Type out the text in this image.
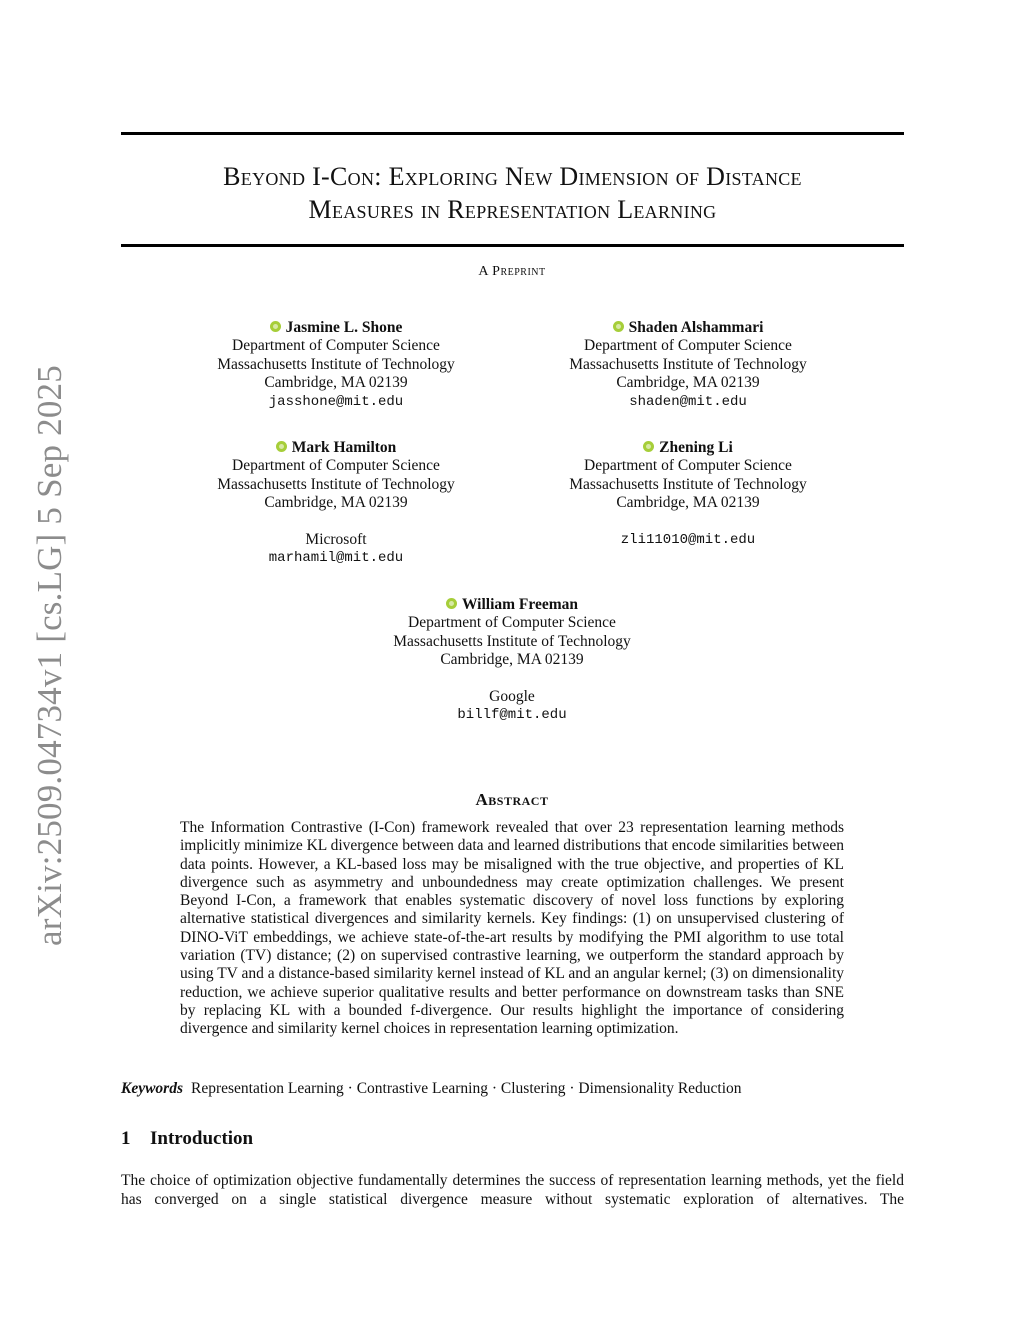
arXiv:2509.04734v1 [cs.LG] 5 Sep 2025
Beyond I-Con: Exploring New Dimension of Distance
Measures in Representation Learning
A Preprint
Jasmine L. Shone
Department of Computer Science
Massachusetts Institute of Technology
Cambridge, MA 02139
jasshone@mit.edu
Shaden Alshammari
Department of Computer Science
Massachusetts Institute of Technology
Cambridge, MA 02139
shaden@mit.edu
Mark Hamilton
Department of Computer Science
Massachusetts Institute of Technology
Cambridge, MA 02139
Microsoft
marhamil@mit.edu
Zhening Li
Department of Computer Science
Massachusetts Institute of Technology
Cambridge, MA 02139
zli11010@mit.edu
William Freeman
Department of Computer Science
Massachusetts Institute of Technology
Cambridge, MA 02139
Google
billf@mit.edu
Abstract
The Information Contrastive (I-Con) framework revealed that over 23 representation learning methods implicitly minimize KL divergence between data and learned distributions that encode similarities between data points. However, a KL-based loss may be misaligned with the true objective, and properties of KL divergence such as asymmetry and unboundedness may create optimization challenges. We present Beyond I-Con, a framework that enables systematic discovery of novel loss functions by exploring alternative statistical divergences and similarity kernels. Key findings: (1) on unsupervised clustering of DINO-ViT embeddings, we achieve state-of-the-art results by modifying the PMI algorithm to use total variation (TV) distance; (2) on supervised contrastive learning, we outperform the standard approach by using TV and a distance-based similarity kernel instead of KL and an angular kernel; (3) on dimensionality reduction, we achieve superior qualitative results and better performance on downstream tasks than SNE by replacing KL with a bounded f-divergence. Our results highlight the importance of considering divergence and similarity kernel choices in representation learning optimization.
Keywords Representation Learning · Contrastive Learning · Clustering · Dimensionality Reduction
1 Introduction
The choice of optimization objective fundamentally determines the success of representation learning methods, yet the field has converged on a single statistical divergence measure without systematic exploration of alternatives. The
